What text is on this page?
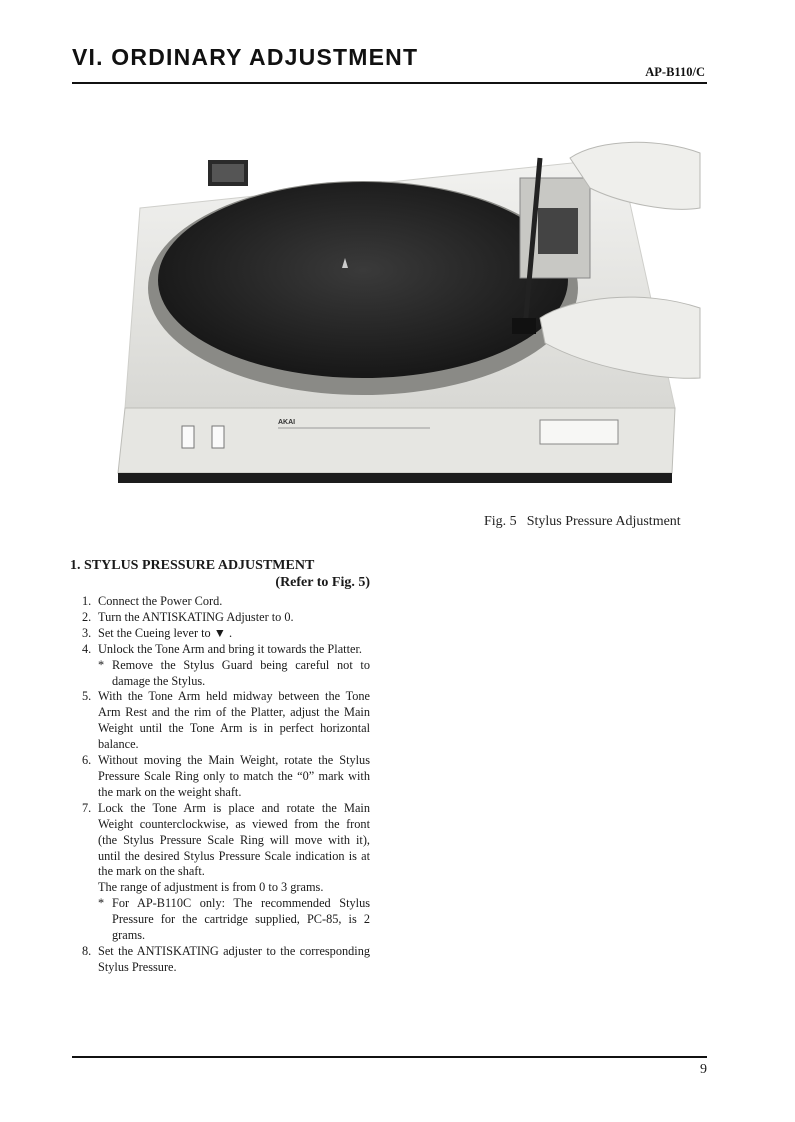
VI. ORDINARY ADJUSTMENT
AP-B110/C
AKAI
Fig. 5 Stylus Pressure Adjustment
1. STYLUS PRESSURE ADJUSTMENT
(Refer to Fig. 5)
1. Connect the Power Cord.
2. Turn the ANTISKATING Adjuster to 0.
3. Set the Cueing lever to ▼ .
4. Unlock the Tone Arm and bring it towards the Platter.
* Remove the Stylus Guard being careful not to damage the Stylus.
5. With the Tone Arm held midway between the Tone Arm Rest and the rim of the Platter, adjust the Main Weight until the Tone Arm is in perfect horizontal balance.
6. Without moving the Main Weight, rotate the Stylus Pressure Scale Ring only to match the “0” mark with the mark on the weight shaft.
7. Lock the Tone Arm is place and rotate the Main Weight counterclockwise, as viewed from the front (the Stylus Pressure Scale Ring will move with it), until the desired Stylus Pressure Scale indication is at the mark on the shaft.
The range of adjustment is from 0 to 3 grams.
* For AP-B110C only: The recommended Stylus Pressure for the cartridge supplied, PC-85, is 2 grams.
8. Set the ANTISKATING adjuster to the corresponding Stylus Pressure.
9
